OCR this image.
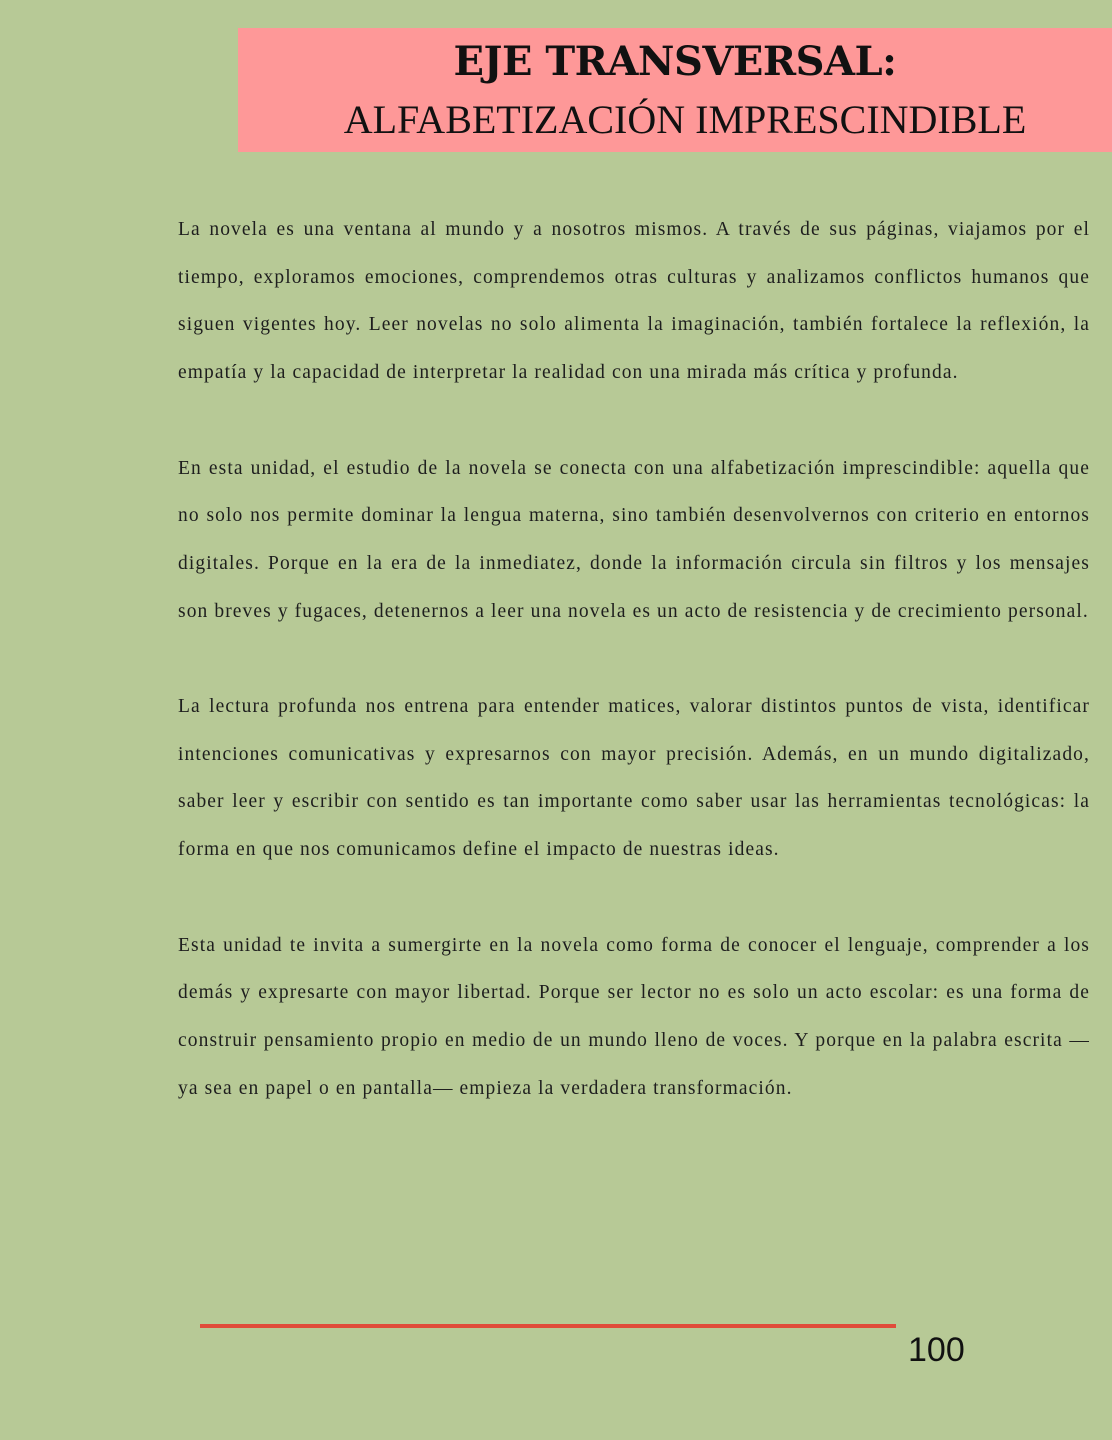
EJE TRANSVERSAL:
ALFABETIZACIÓN IMPRESCINDIBLE

La novela es una ventana al mundo y a nosotros mismos. A través de sus páginas, viajamos por el tiempo, exploramos emociones, comprendemos otras culturas y analizamos conflictos humanos que siguen vigentes hoy. Leer novelas no solo alimenta la imaginación, también fortalece la reflexión, la empatía y la capacidad de interpretar la realidad con una mirada más crítica y profunda.

En esta unidad, el estudio de la novela se conecta con una alfabetización imprescindible: aquella que no solo nos permite dominar la lengua materna, sino también desenvolvernos con criterio en entornos digitales. Porque en la era de la inmediatez, donde la información circula sin filtros y los mensajes son breves y fugaces, detenernos a leer una novela es un acto de resistencia y de crecimiento personal.

La lectura profunda nos entrena para entender matices, valorar distintos puntos de vista, identificar intenciones comunicativas y expresarnos con mayor precisión. Además, en un mundo digitalizado, saber leer y escribir con sentido es tan importante como saber usar las herramientas tecnológicas: la forma en que nos comunicamos define el impacto de nuestras ideas.

Esta unidad te invita a sumergirte en la novela como forma de conocer el lenguaje, comprender a los demás y expresarte con mayor libertad. Porque ser lector no es solo un acto escolar: es una forma de construir pensamiento propio en medio de un mundo lleno de voces. Y porque en la palabra escrita —ya sea en papel o en pantalla— empieza la verdadera transformación.

100
